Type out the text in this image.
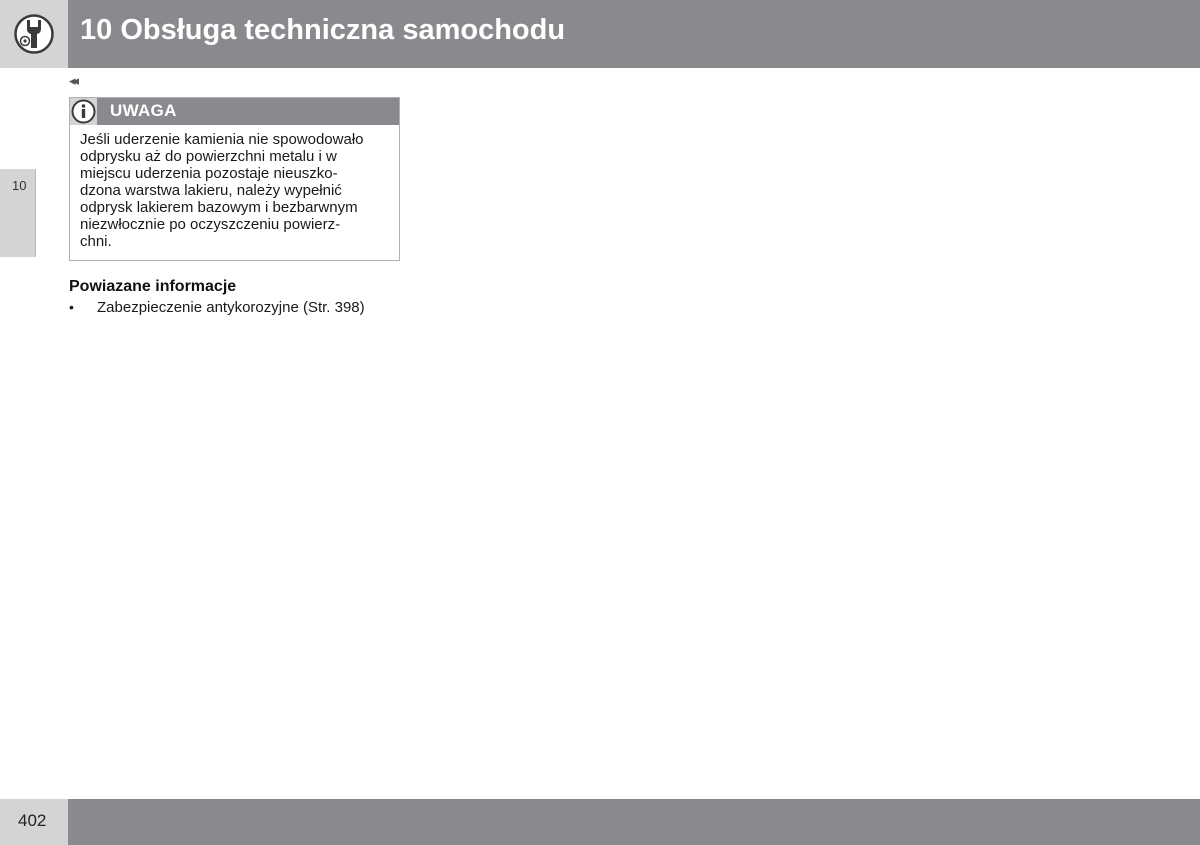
10 Obsługa techniczna samochodu
◂◂
10
UWAGA
Jeśli uderzenie kamienia nie spowodowało
odprysku aż do powierzchni metalu i w
miejscu uderzenia pozostaje nieuszko-
dzona warstwa lakieru, należy wypełnić
odprysk lakierem bazowym i bezbarwnym
niezwłocznie po oczyszczeniu powierz-
chni.
Powiazane informacje
• Zabezpieczenie antykorozyjne (Str. 398)
402
